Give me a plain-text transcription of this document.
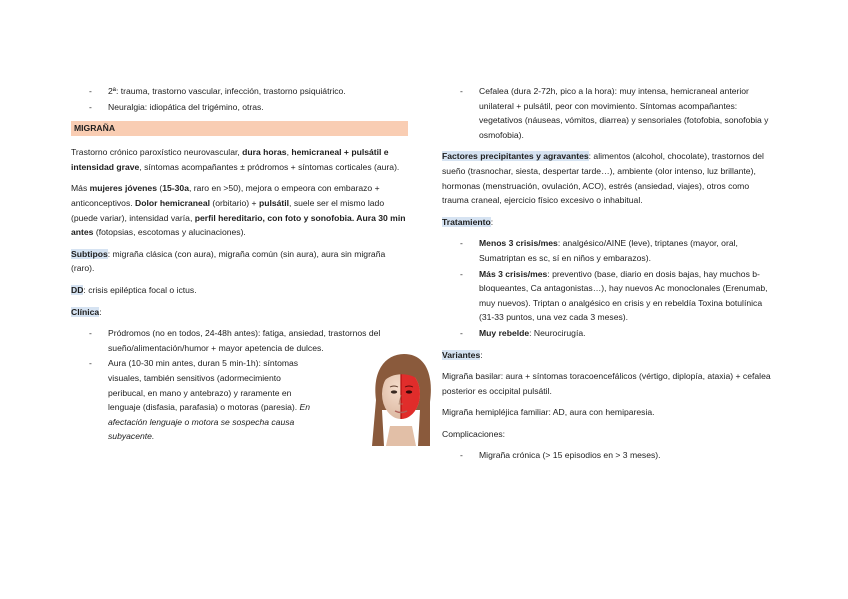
- 2ª: trauma, trastorno vascular, infección, trastorno psiquiátrico.
- Neuralgia: idiopática del trigémino, otras.
MIGRAÑA

Trastorno crónico paroxístico neurovascular, dura horas, hemicraneal + pulsátil e intensidad grave, síntomas acompañantes ± pródromos + síntomas corticales (aura).

Más mujeres jóvenes (15-30a, raro en >50), mejora o empeora con embarazo + anticonceptivos. Dolor hemicraneal (orbitario) + pulsátil, suele ser el mismo lado (puede variar), intensidad varía, perfil hereditario, con foto y sonofobia. Aura 30 min antes (fotopsias, escotomas y alucinaciones).

Subtipos: migraña clásica (con aura), migraña común (sin aura), aura sin migraña (raro).

DD: crisis epiléptica focal o ictus.

Clínica:

- Pródromos (no en todos, 24-48h antes): fatiga, ansiedad, trastornos del sueño/alimentación/humor + mayor apetencia de dulces.
- Aura (10-30 min antes, duran 5 min-1h): síntomas visuales, también sensitivos (adormecimiento peribucal, en mano y antebrazo) y raramente en lenguaje (disfasia, parafasia) o motoras (paresia). En afectación lenguaje o motora se sospecha causa subyacente.
- Cefalea (dura 2-72h, pico a la hora): muy intensa, hemicraneal anterior unilateral + pulsátil, peor con movimiento. Síntomas acompañantes: vegetativos (náuseas, vómitos, diarrea) y sensoriales (fotofobia, sonofobia y osmofobia).

Factores precipitantes y agravantes: alimentos (alcohol, chocolate), trastornos del sueño (trasnochar, siesta, despertar tarde…), ambiente (olor intenso, luz brillante), hormonas (menstruación, ovulación, ACO), estrés (ansiedad, viajes), otros como trauma craneal, ejercicio físico excesivo o inhabitual.

Tratamiento:

- Menos 3 crisis/mes: analgésico/AINE (leve), triptanes (mayor, oral, Sumatriptan es sc, sí en niños y embarazos).
- Más 3 crisis/mes: preventivo (base, diario en dosis bajas, hay muchos b-bloqueantes, Ca antagonistas…), hay nuevos Ac monoclonales (Erenumab, muy nuevos). Triptan o analgésico en crisis y en rebeldía Toxina botulínica (31-33 puntos, una vez cada 3 meses).
- Muy rebelde: Neurocirugía.

Variantes:

Migraña basilar: aura + síntomas toracoencefálicos (vértigo, diplopía, ataxia) + cefalea posterior es occipital pulsátil.

Migraña hemipléjica familiar: AD, aura con hemiparesia.

Complicaciones:

- Migraña crónica (> 15 episodios en > 3 meses).
